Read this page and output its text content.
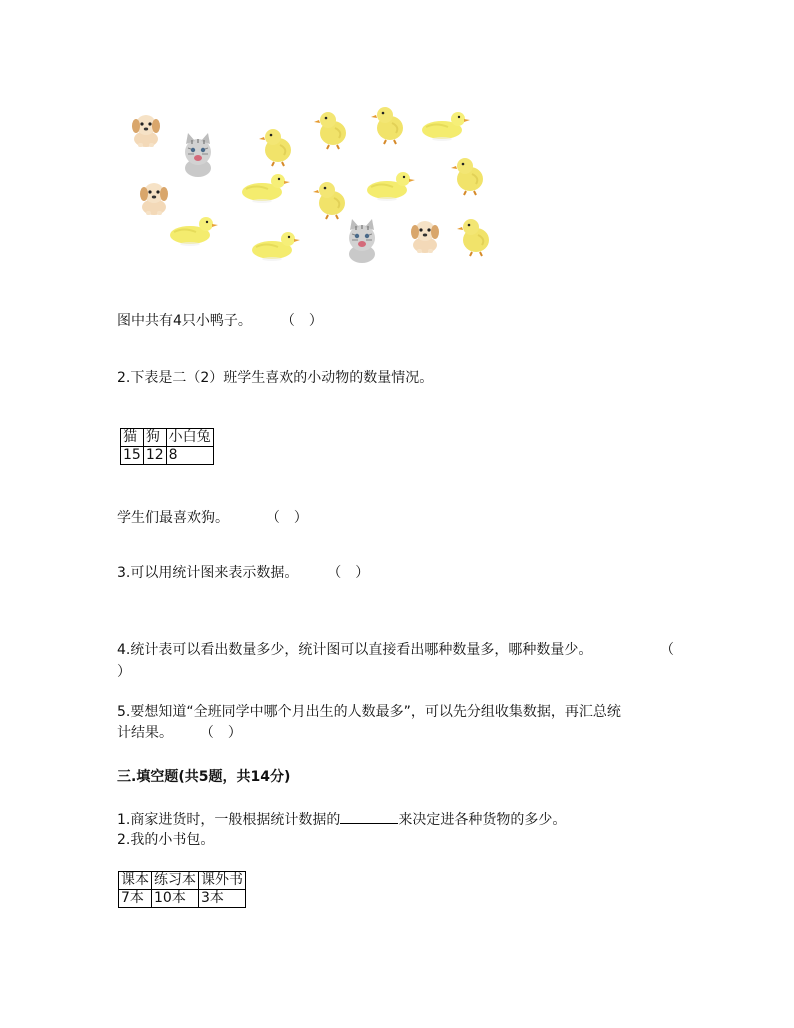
图中共有4只小鸭子。 （　）
2.下表是二（2）班学生喜欢的小动物的数量情况。
猫	狗	小白兔
15	12	8
学生们最喜欢狗。	（　）
3.可以用统计图来表示数据。 （　）
4.统计表可以看出数量多少，统计图可以直接看出哪种数量多，哪种数量少。	（
）
5.要想知道“全班同学中哪个月出生的人数最多”，可以先分组收集数据，再汇总统
计结果。 （　）
三.填空题(共5题，共14分)
1.商家进货时，一般根据统计数据的	来决定进各种货物的多少。
2.我的小书包。
课本	练习本	课外书
7本	10本	3本
